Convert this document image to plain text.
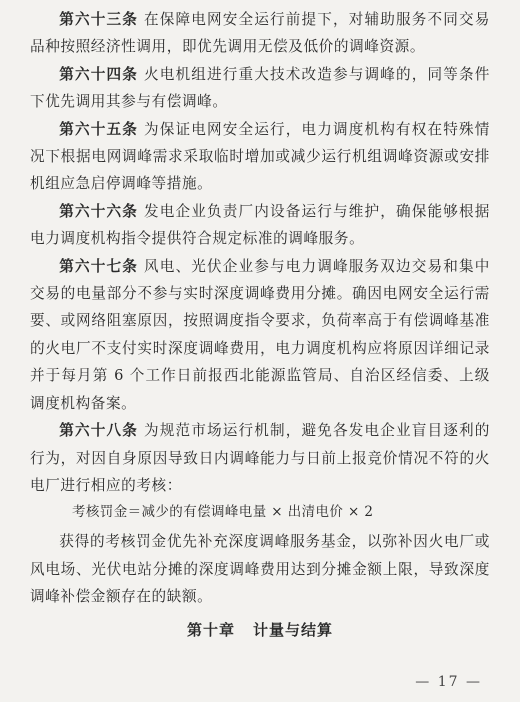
第六十三条 在保障电网安全运行前提下，对辅助服务不同交易品种按照经济性调用，即优先调用无偿及低价的调峰资源。

第六十四条 火电机组进行重大技术改造参与调峰的，同等条件下优先调用其参与有偿调峰。

第六十五条 为保证电网安全运行，电力调度机构有权在特殊情况下根据电网调峰需求采取临时增加或减少运行机组调峰资源或安排机组应急启停调峰等措施。

第六十六条 发电企业负责厂内设备运行与维护，确保能够根据电力调度机构指令提供符合规定标准的调峰服务。

第六十七条 风电、光伏企业参与电力调峰服务双边交易和集中交易的电量部分不参与实时深度调峰费用分摊。确因电网安全运行需要、或网络阻塞原因，按照调度指令要求，负荷率高于有偿调峰基准的火电厂不支付实时深度调峰费用，电力调度机构应将原因详细记录并于每月第 6 个工作日前报西北能源监管局、自治区经信委、上级调度机构备案。

第六十八条 为规范市场运行机制，避免各发电企业盲目逐利的行为，对因自身原因导致日内调峰能力与日前上报竞价情况不符的火电厂进行相应的考核：

考核罚金＝减少的有偿调峰电量 × 出清电价 × 2

获得的考核罚金优先补充深度调峰服务基金，以弥补因火电厂或风电场、光伏电站分摊的深度调峰费用达到分摊金额上限，导致深度调峰补偿金额存在的缺额。

第十章 计量与结算
— 17 —
